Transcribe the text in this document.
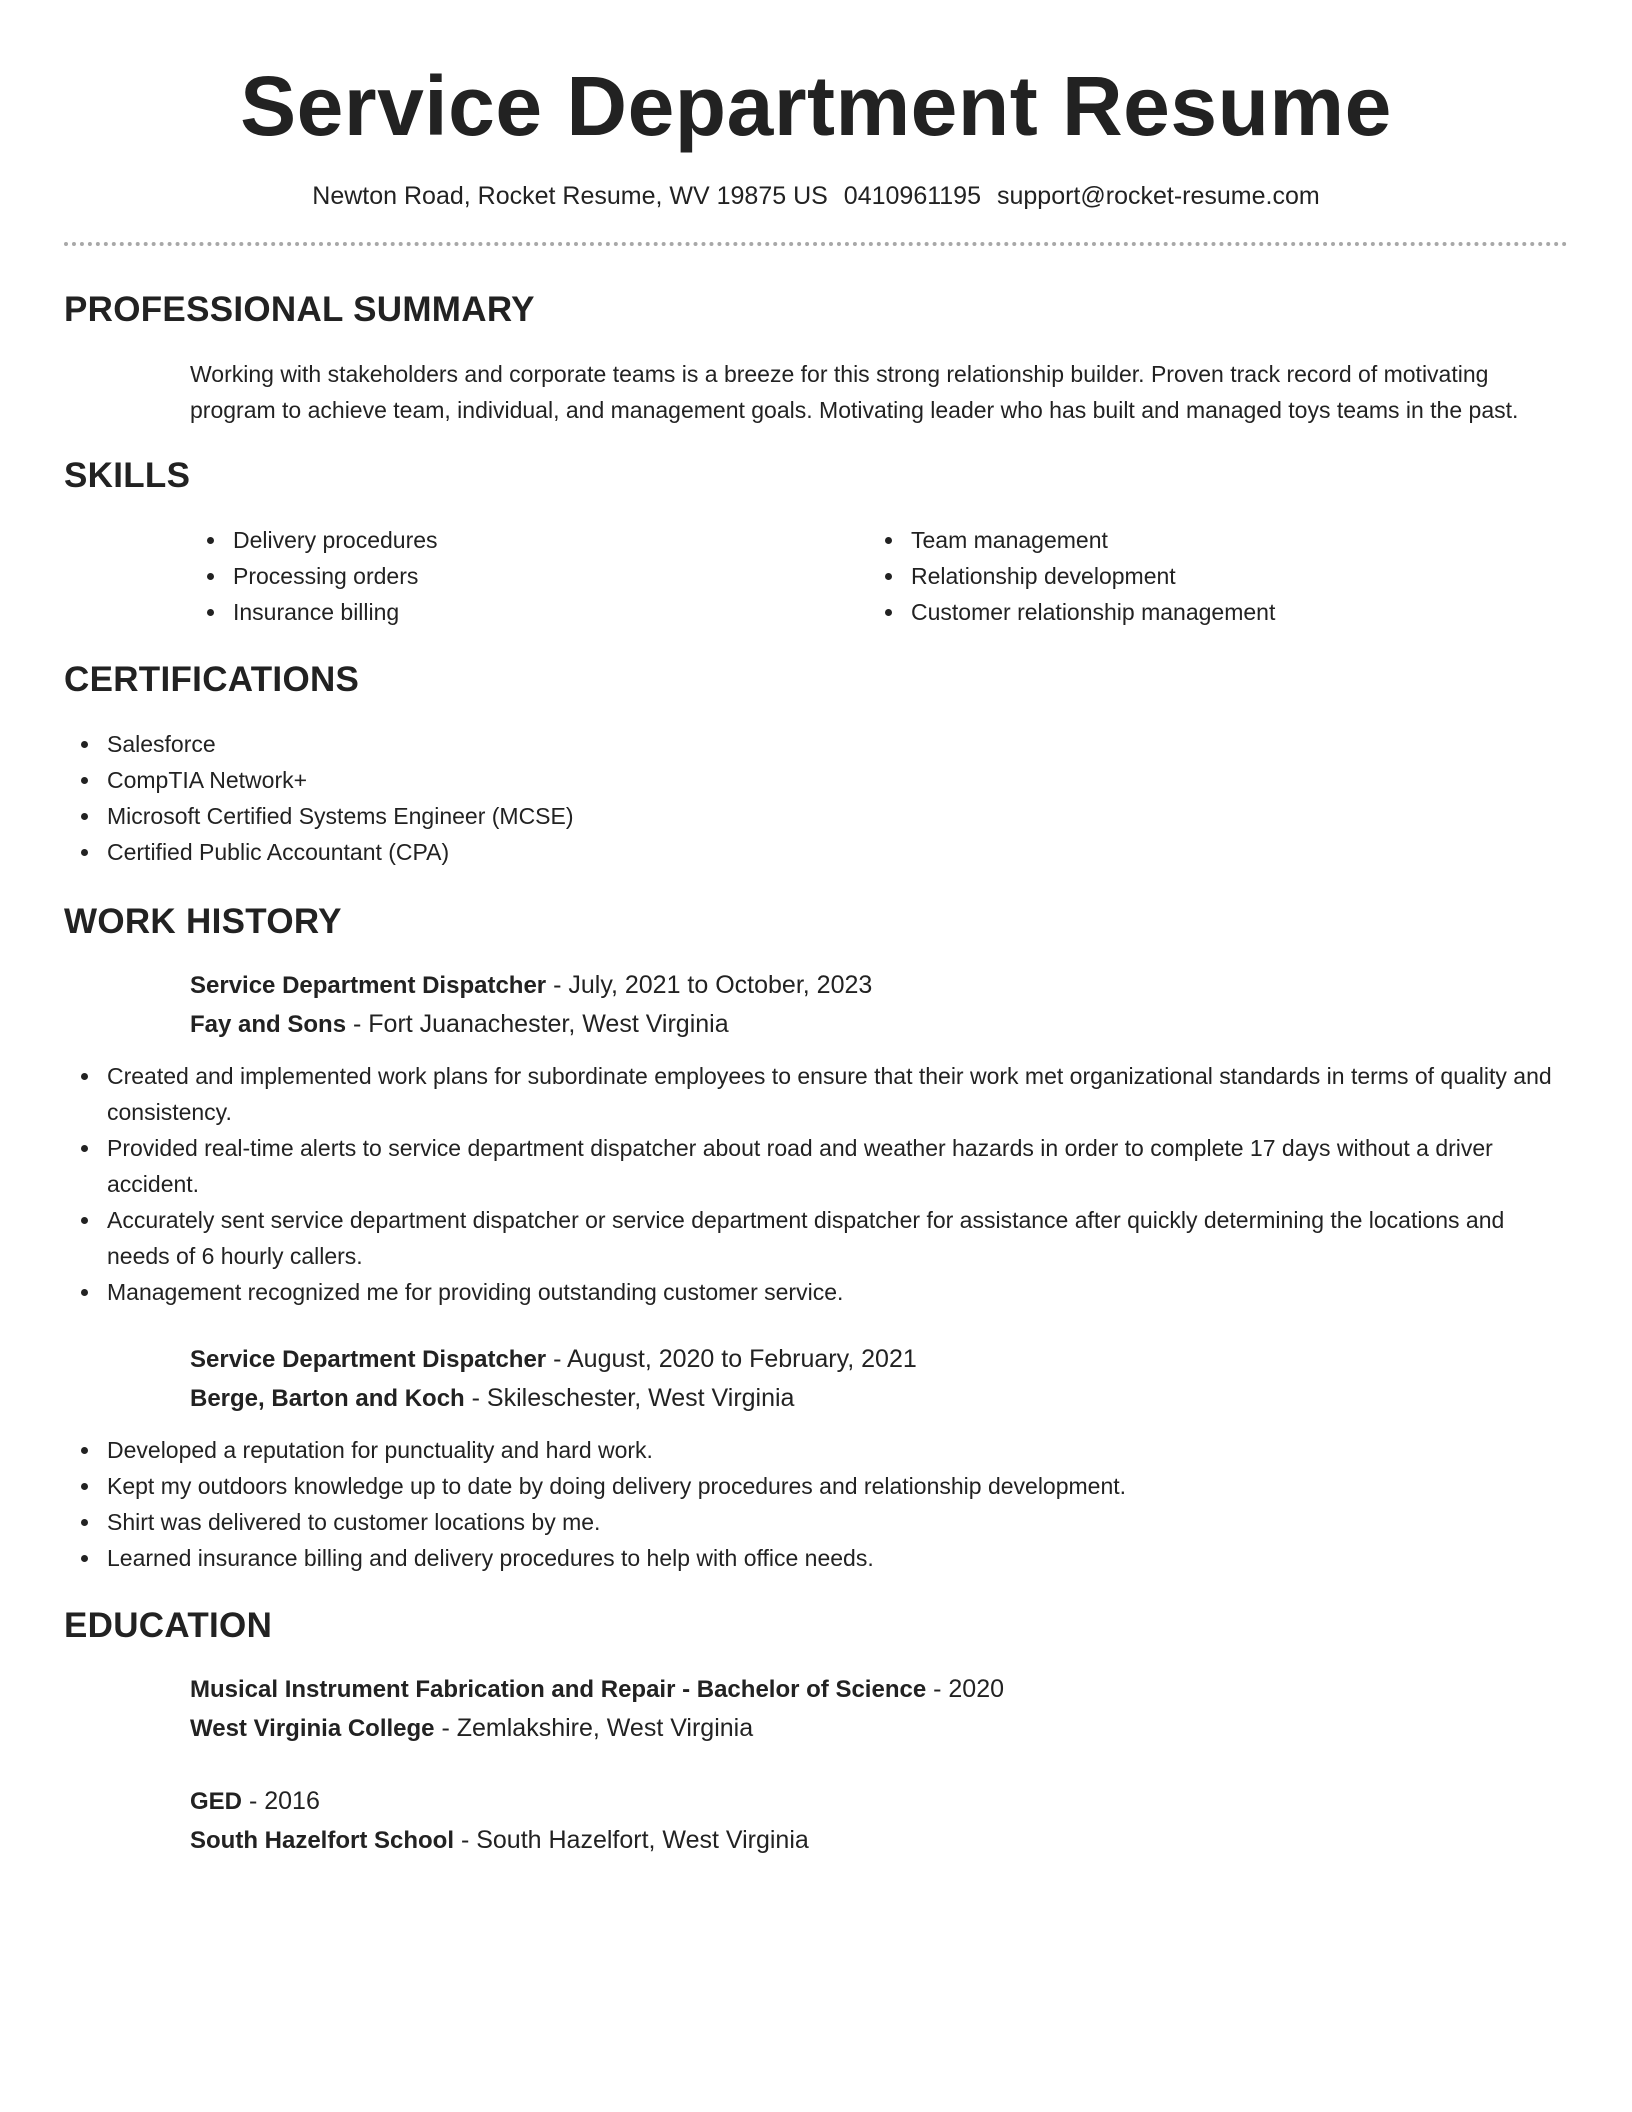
Service Department Resume
Newton Road, Rocket Resume, WV 19875 US 0410961195 support@rocket-resume.com
PROFESSIONAL SUMMARY

Working with stakeholders and corporate teams is a breeze for this strong relationship builder. Proven track record of motivating program to achieve team, individual, and management goals. Motivating leader who has built and managed toys teams in the past.

SKILLS
Delivery procedures
Processing orders
Insurance billing
Team management
Relationship development
Customer relationship management
CERTIFICATIONS
Salesforce
CompTIA Network+
Microsoft Certified Systems Engineer (MCSE)
Certified Public Accountant (CPA)
WORK HISTORY
Service Department Dispatcher - July, 2021 to October, 2023
Fay and Sons - Fort Juanachester, West Virginia
Created and implemented work plans for subordinate employees to ensure that their work met organizational standards in terms of quality and consistency.
Provided real-time alerts to service department dispatcher about road and weather hazards in order to complete 17 days without a driver accident.
Accurately sent service department dispatcher or service department dispatcher for assistance after quickly determining the locations and needs of 6 hourly callers.
Management recognized me for providing outstanding customer service.
Service Department Dispatcher - August, 2020 to February, 2021
Berge, Barton and Koch - Skileschester, West Virginia
Developed a reputation for punctuality and hard work.
Kept my outdoors knowledge up to date by doing delivery procedures and relationship development.
Shirt was delivered to customer locations by me.
Learned insurance billing and delivery procedures to help with office needs.
EDUCATION
Musical Instrument Fabrication and Repair - Bachelor of Science - 2020
West Virginia College - Zemlakshire, West Virginia
GED - 2016
South Hazelfort School - South Hazelfort, West Virginia
